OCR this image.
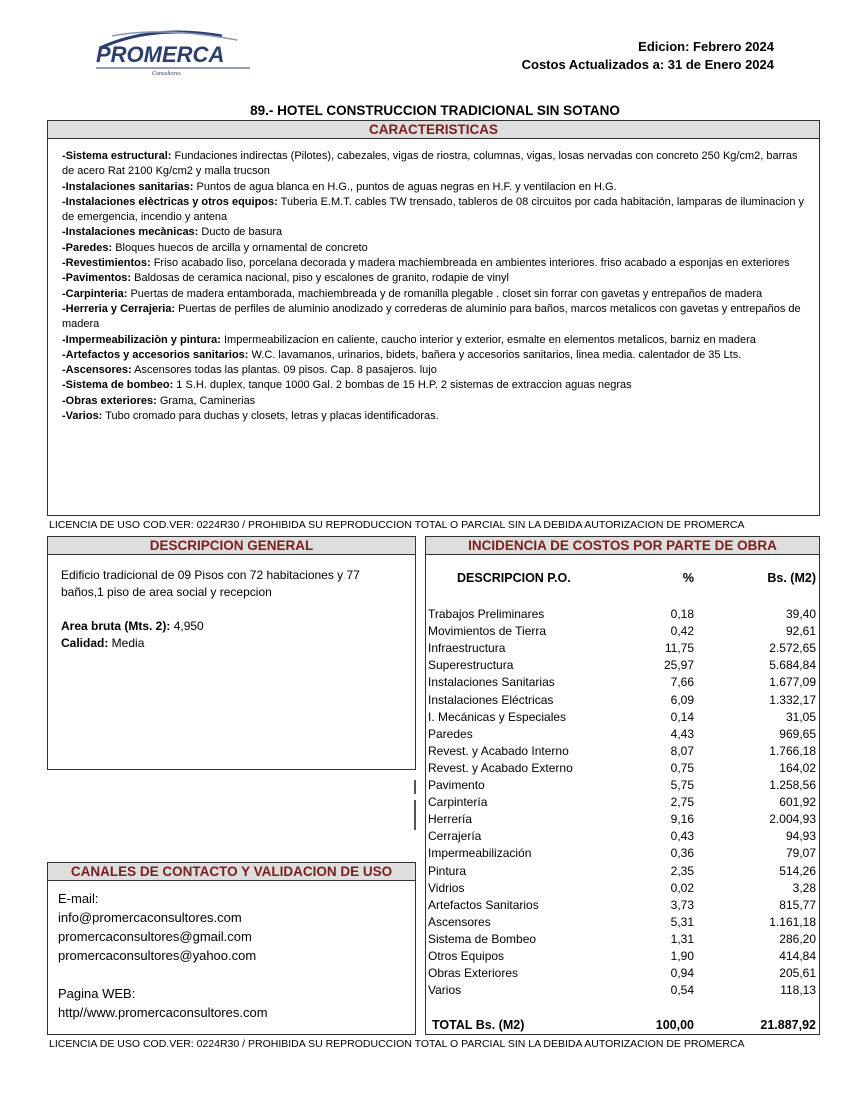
PROMERCA
Consultores
Edicion: Febrero 2024
Costos Actualizados a: 31 de Enero 2024
89.- HOTEL CONSTRUCCION TRADICIONAL SIN SOTANO
CARACTERISTICAS
-Sistema estructural: Fundaciones indirectas (Pilotes), cabezales, vigas de riostra, columnas, vigas, losas nervadas con concreto 250 Kg/cm2, barras de acero Rat 2100 Kg/cm2 y malla trucson
-Instalaciones sanitarias: Puntos de agua blanca en H.G., puntos de aguas negras en H.F. y ventilacion en H.G.
-Instalaciones elèctricas y otros equipos: Tuberia E.M.T. cables TW trensado, tableros de 08 circuitos por cada habitación, lamparas de iluminacion y de emergencia, incendio y antena
-Instalaciones mecànicas: Ducto de basura
-Paredes: Bloques huecos de arcilla y ornamental de concreto
-Revestimientos: Friso acabado liso, porcelana decorada y madera machiembreada en ambientes interiores. friso acabado a esponjas en exteriores
-Pavimentos: Baldosas de ceramica nacional, piso y escalones de granito, rodapie de vinyl
-Carpinteria: Puertas de madera entamborada, machiembreada y de romanilla plegable . closet sin forrar con gavetas y entrepaños de madera
-Herreria y Cerrajeria: Puertas de perfiles de aluminio anodizado y correderas de aluminio para baños, marcos metalicos con gavetas y entrepaños de madera
-Impermeabilizaciòn y pintura: Impermeabilizacion en caliente, caucho interior y exterior, esmalte en elementos metalicos, barniz en madera
-Artefactos y accesorios sanitarios: W.C. lavamanos, urinarios, bidets, bañera y accesorios sanitarios, linea media. calentador de 35 Lts.
-Ascensores: Ascensores todas las plantas. 09 pisos. Cap. 8 pasajeros. lujo
-Sistema de bombeo: 1 S.H. duplex, tanque 1000 Gal. 2 bombas de 15 H.P. 2 sistemas de extraccion aguas negras
-Obras exteriores: Grama, Caminerias
-Varios: Tubo cromado para duchas y closets, letras y placas identificadoras.
LICENCIA DE USO COD.VER: 0224R30 / PROHIBIDA SU REPRODUCCION TOTAL O PARCIAL SIN LA DEBIDA AUTORIZACION DE PROMERCA
DESCRIPCION GENERAL
Edificio tradicional de 09 Pisos con 72 habitaciones y 77 baños,1 piso de area social y recepcion
Area bruta (Mts. 2): 4,950
Calidad: Media
CANALES DE CONTACTO Y VALIDACION DE USO
E-mail:
info@promercaconsultores.com
promercaconsultores@gmail.com
promercaconsultores@yahoo.com
Pagina WEB:
http//www.promercaconsultores.com
INCIDENCIA DE COSTOS POR PARTE DE OBRA
DESCRIPCION P.O.	%	Bs. (M2)
Trabajos Preliminares	0,18	39,40
Movimientos de Tierra	0,42	92,61
Infraestructura	11,75	2.572,65
Superestructura	25,97	5.684,84
Instalaciones Sanitarias	7,66	1.677,09
Instalaciones Eléctricas	6,09	1.332,17
I. Mecánicas y Especiales	0,14	31,05
Paredes	4,43	969,65
Revest. y Acabado Interno	8,07	1.766,18
Revest. y Acabado Externo	0,75	164,02
Pavimento	5,75	1.258,56
Carpintería	2,75	601,92
Herrería	9,16	2.004,93
Cerrajería	0,43	94,93
Impermeabilización	0,36	79,07
Pintura	2,35	514,26
Vidrios	0,02	3,28
Artefactos Sanitarios	3,73	815,77
Ascensores	5,31	1.161,18
Sistema de Bombeo	1,31	286,20
Otros Equipos	1,90	414,84
Obras Exteriores	0,94	205,61
Varios	0,54	118,13
TOTAL Bs. (M2)	100,00	21.887,92
LICENCIA DE USO COD.VER: 0224R30 / PROHIBIDA SU REPRODUCCION TOTAL O PARCIAL SIN LA DEBIDA AUTORIZACION DE PROMERCA
